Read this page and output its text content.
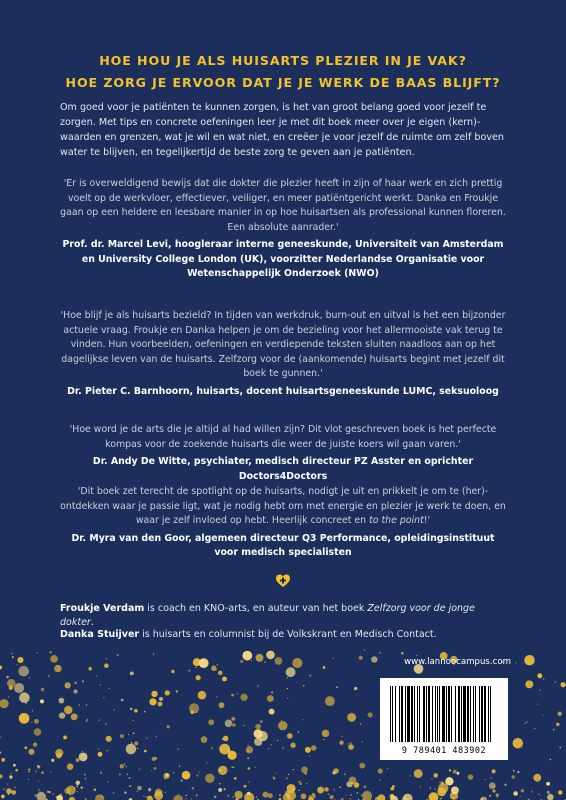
HOE HOU JE ALS HUISARTS PLEZIER IN JE VAK?
HOE ZORG JE ERVOOR DAT JE JE WERK DE BAAS BLIJFT?
Om goed voor je patiënten te kunnen zorgen, is het van groot belang goed voor jezelf te zorgen. Met tips en concrete oefeningen leer je met dit boek meer over je eigen (kern)-waarden en grenzen, wat je wil en wat niet, en creëer je voor jezelf de ruimte om zelf boven water te blijven, en tegelijkertijd de beste zorg te geven aan je patiënten.
'Er is overweldigend bewijs dat die dokter die plezier heeft in zijn of haar werk en zich prettig voelt op de werkvloer, effectiever, veiliger, en meer patiëntgericht werkt. Danka en Froukje gaan op een heldere en leesbare manier in op hoe huisartsen als professional kunnen floreren. Een absolute aanrader.'
Prof. dr. Marcel Levi, hoogleraar interne geneeskunde, Universiteit van Amsterdam en University College London (UK), voorzitter Nederlandse Organisatie voor Wetenschappelijk Onderzoek (NWO)
'Hoe blijf je als huisarts bezield? In tijden van werkdruk, burn-out en uitval is het een bijzonder actuele vraag. Froukje en Danka helpen je om de bezieling voor het allermooiste vak terug te vinden. Hun voorbeelden, oefeningen en verdiepende teksten sluiten naadloos aan op het dagelijkse leven van de huisarts. Zelfzorg voor de (aankomende) huisarts begint met jezelf dit boek te gunnen.'
Dr. Pieter C. Barnhoorn, huisarts, docent huisartsgeneeskunde LUMC, seksuoloog
'Hoe word je de arts die je altijd al had willen zijn? Dit vlot geschreven boek is het perfecte kompas voor de zoekende huisarts die weer de juiste koers wil gaan varen.'
Dr. Andy De Witte, psychiater, medisch directeur PZ Asster en oprichter Doctors4Doctors
'Dit boek zet terecht de spotlight op de huisarts, nodigt je uit en prikkelt je om te (her)-ontdekken waar je passie ligt, wat je nodig hebt om met energie en plezier je werk te doen, en waar je zelf invloed op hebt. Heerlijk concreet en to the point!'
Dr. Myra van den Goor, algemeen directeur Q3 Performance, opleidingsinstituut voor medisch specialisten
Froukje Verdam is coach en KNO-arts, en auteur van het boek Zelfzorg voor de jonge dokter.
Danka Stuijver is huisarts en columnist bij de Volkskrant en Medisch Contact.
www.lannoocampus.com
9 789401 483902
